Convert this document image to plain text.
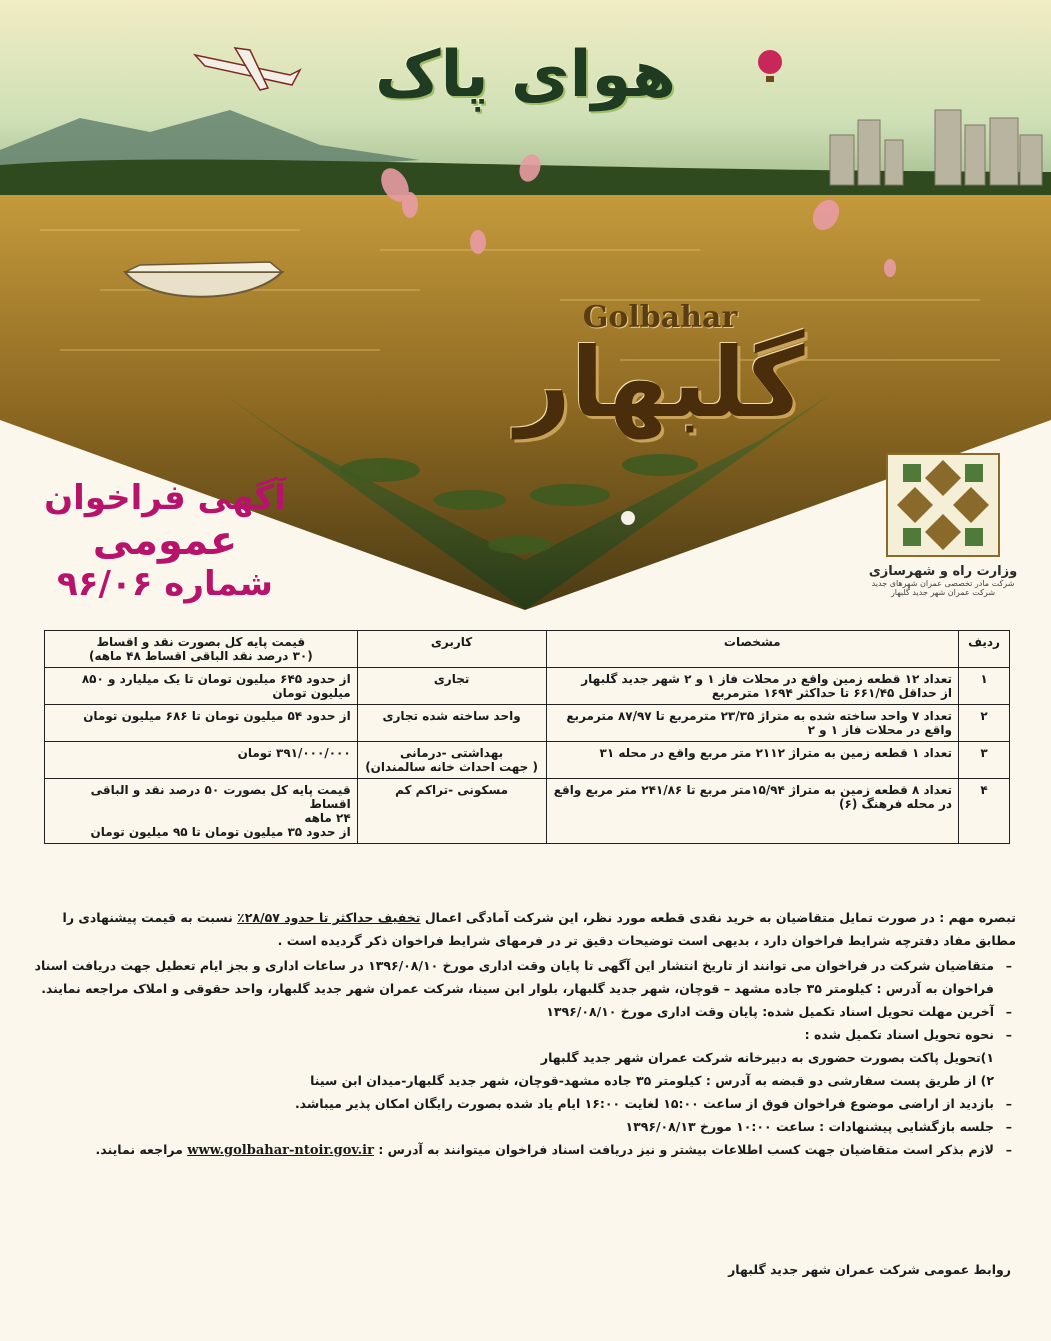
هوای پاک
Golbahar
گلبهار
آگهی فراخوان
عمومی
شماره ۹۶/۰۶	وزارت راه و شهرسازی
شرکت مادر تخصصی عمران شهرهای جدید
شرکت عمران شهر جدید گلبهار
ردیف	مشخصات	کاربری	قیمت پایه کل بصورت نقد و اقساط
(۳۰ درصد نقد الباقی اقساط ۴۸ ماهه)

۱	تعداد ۱۲ قطعه زمین واقع در محلات فاز ۱ و ۲ شهر جدید گلبهار
از حداقل ۶۶۱/۴۵ تا حداکثر ۱۶۹۴ مترمربع	تجاری	از حدود ۶۴۵ میلیون تومان تا یک میلیارد و ۸۵۰
میلیون تومان

۲	تعداد ۷ واحد ساخته شده به متراژ ۲۳/۳۵ مترمربع تا ۸۷/۹۷ مترمربع
واقع در محلات فاز ۱ و ۲	واحد ساخته شده تجاری	از حدود ۵۴ میلیون تومان تا ۶۸۶ میلیون تومان

۳	تعداد ۱ قطعه زمین به متراژ ۲۱۱۲ متر مربع واقع در محله ۳۱	بهداشتی -درمانی
( جهت احداث خانه سالمندان)	۳۹۱/۰۰۰/۰۰۰ تومان

۴	تعداد ۸ قطعه زمین به متراژ ۱۵/۹۴متر مربع تا ۲۴۱/۸۶ متر مربع واقع
در محله فرهنگ (۶)	مسکونی -تراکم کم	قیمت پایه کل بصورت ۵۰ درصد نقد و الباقی اقساط
۲۴ ماهه
از حدود ۳۵ میلیون تومان تا ۹۵ میلیون تومان

تبصره مهم : در صورت تمایل متقاضیان به خرید نقدی قطعه مورد نظر، این شرکت آمادگی اعمال تخفیف حداکثر تا حدود ۲۸/۵۷٪ نسبت به قیمت پیشنهادی را مطابق مفاد دفترچه شرایط فراخوان دارد ، بدیهی است توضیحات دقیق تر در فرمهای شرایط فراخوان ذکر گردیده است .

– متقاضیان شرکت در فراخوان می توانند از تاریخ انتشار این آگهی تا پایان وقت اداری مورخ ۱۳۹۶/۰۸/۱۰ در ساعات اداری و بجز ایام تعطیل جهت دریافت اسناد فراخوان به آدرس : کیلومتر ۳۵ جاده مشهد – قوچان، شهر جدید گلبهار، بلوار ابن سینا، شرکت عمران شهر جدید گلبهار، واحد حقوقی و املاک مراجعه نمایند.
– آخرین مهلت تحویل اسناد تکمیل شده: پایان وقت اداری مورخ ۱۳۹۶/۰۸/۱۰
– نحوه تحویل اسناد تکمیل شده :
۱)تحویل پاکت بصورت حضوری به دبیرخانه شرکت عمران شهر جدید گلبهار
۲) از طریق پست سفارشی دو قبضه به آدرس : کیلومتر ۳۵ جاده مشهد-قوچان، شهر جدید گلبهار-میدان ابن سینا
– بازدید از اراضی موضوع فراخوان فوق از ساعت ۱۵:۰۰ لغایت ۱۶:۰۰ ایام یاد شده بصورت رایگان امکان پذیر میباشد.
– جلسه بازگشایی پیشنهادات : ساعت ۱۰:۰۰ مورخ ۱۳۹۶/۰۸/۱۳
– لازم بذکر است متقاضیان جهت کسب اطلاعات بیشتر و نیز دریافت اسناد فراخوان میتوانند به آدرس : www.golbahar-ntoir.gov.ir مراجعه نمایند.
روابط عمومی شرکت عمران شهر جدید گلبهار
